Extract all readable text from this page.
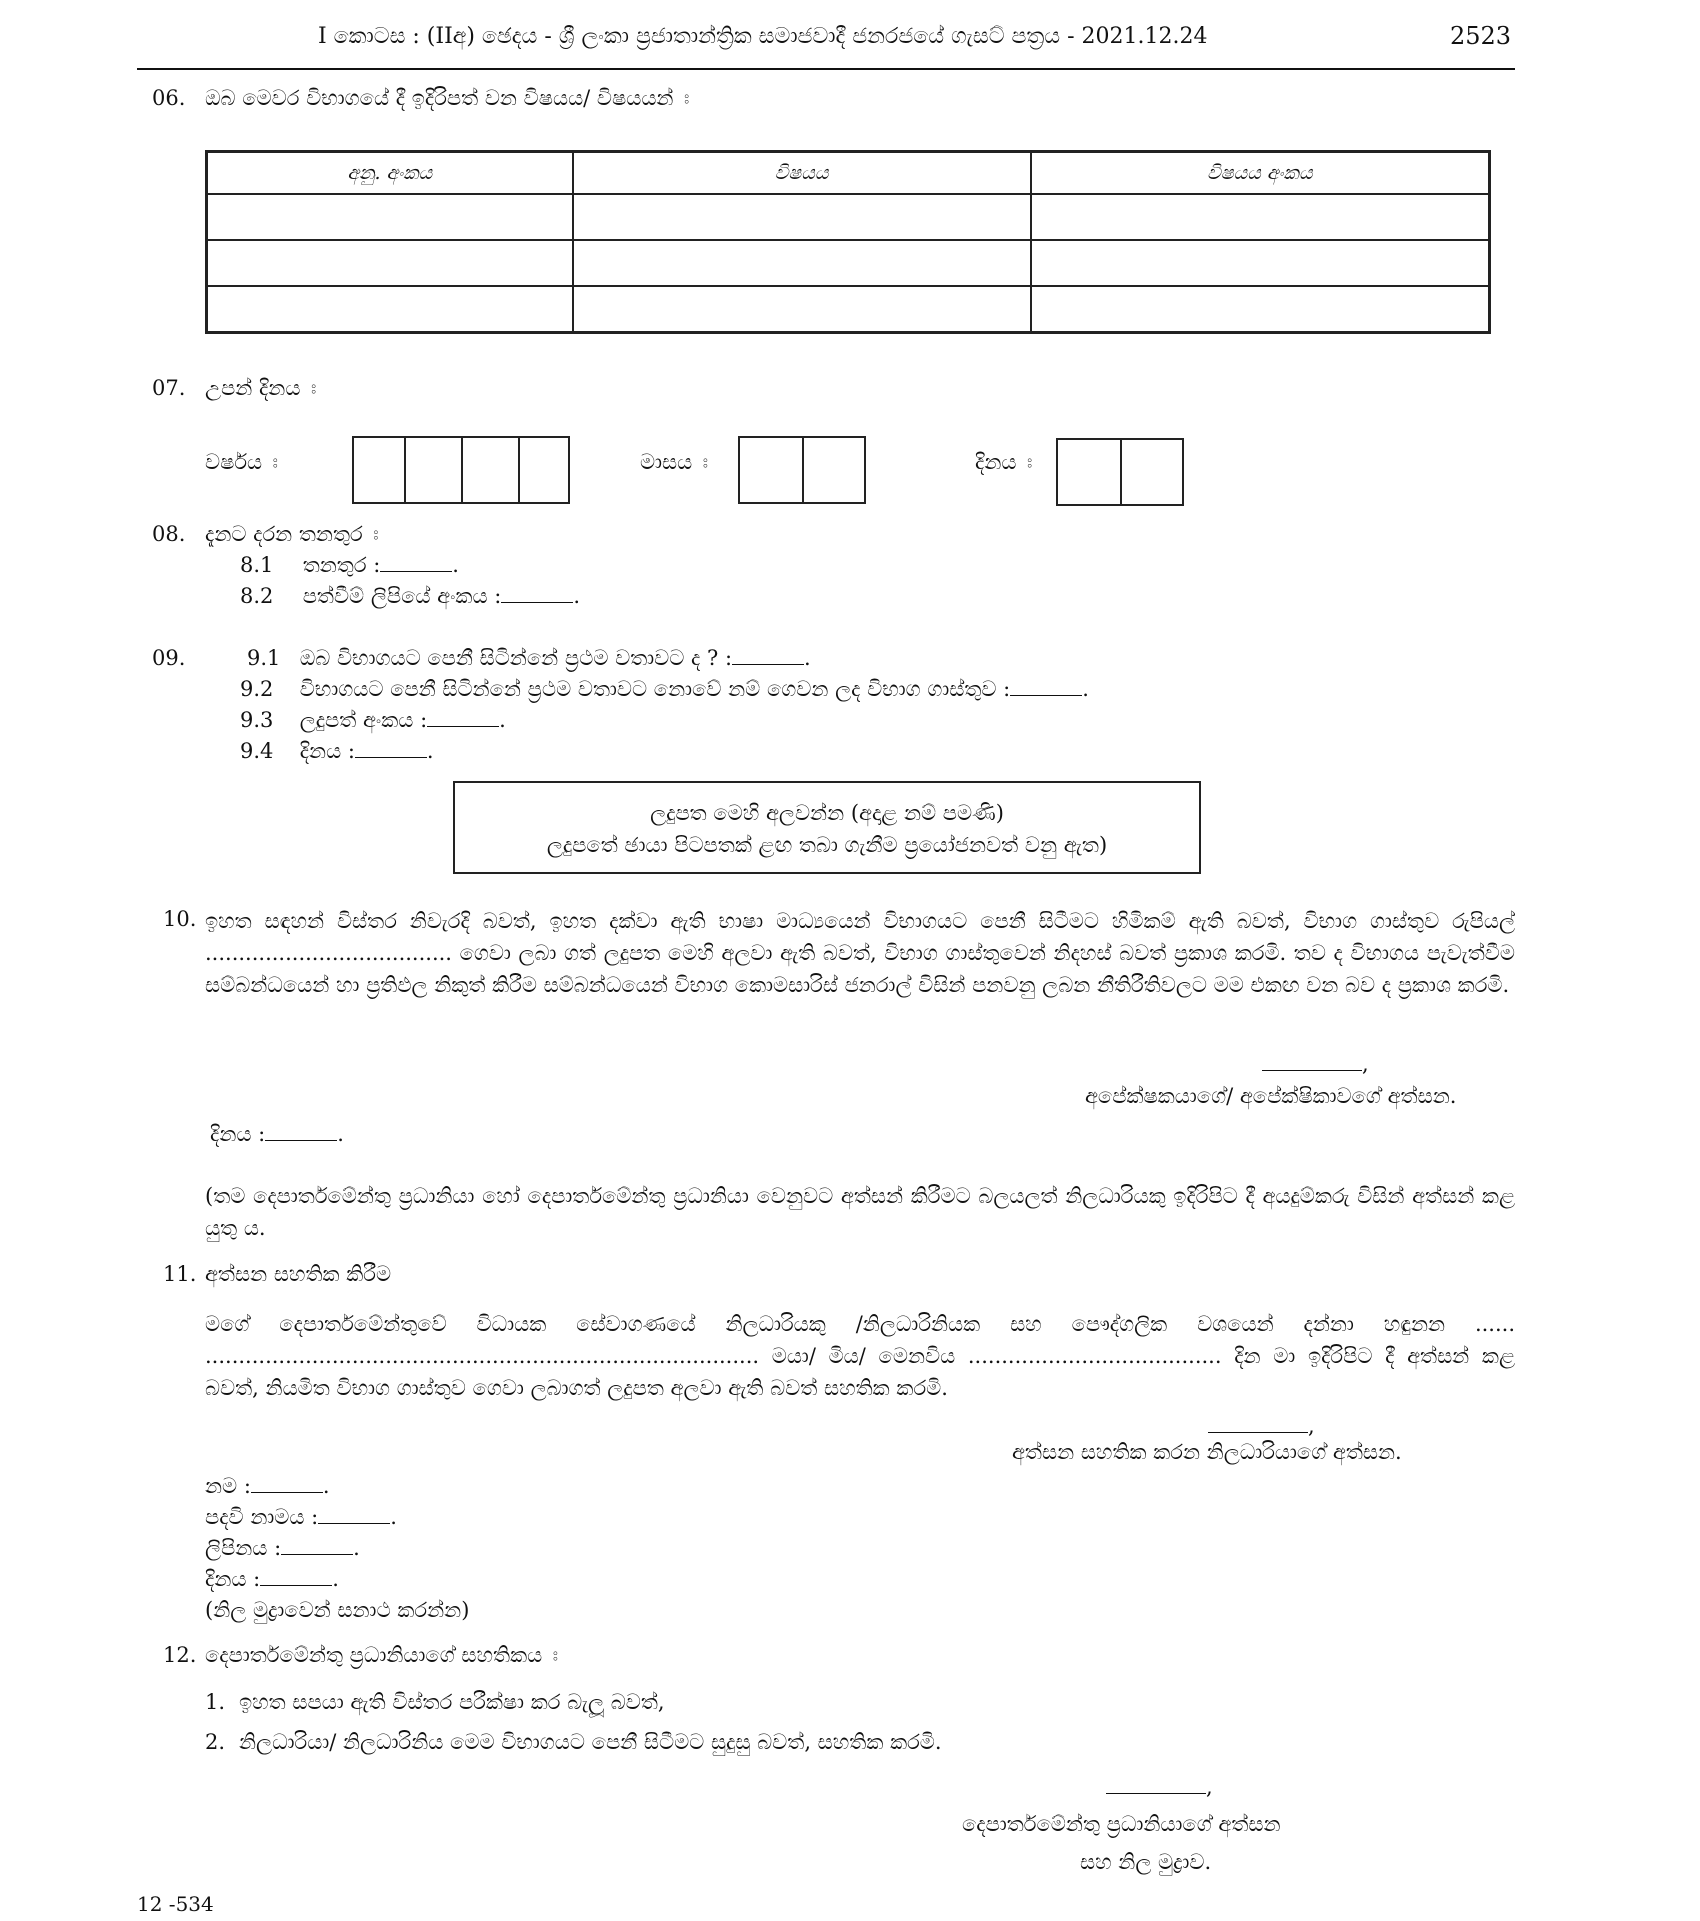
I කොටස : (IIඅ) ඡෙදය - ශ්‍රී ලංකා ප්‍රජාතාන්ත්‍රික සමාජවාදී ජනරජයේ ගැසට් පත්‍රය - 2021.12.24	2523
06. ඔබ මෙවර විභාගයේ දී ඉදිරිපත් වන විෂයය/ විෂයයන් ඃ
අනු. අංකය	විෂයය	විෂයය අංකය

07. උපන් දිනය ඃ
වර්ෂය ඃ	මාසය ඃ	දිනය ඃ
08. දැනට දරන තනතුර ඃ
8.1 තනතුර :	.
8.2 පත්වීම් ලිපියේ අංකය :	.
09.	9.1 ඔබ විභාගයට පෙනී සිටින්නේ ප්‍රථම වතාවට ද ? :	.
9.2 විභාගයට පෙනී සිටින්නේ ප්‍රථම වතාවට නොවේ නම් ගෙවන ලද විභාග ගාස්තුව :	.
9.3 ලදුපත් අංකය :	.
9.4 දිනය :	.
ලදුපත මෙහි අලවන්න (අදාළ නම් පමණි)
ලදුපතේ ඡායා පිටපතක් ළඟ තබා ගැනීම ප්‍රයෝජනවත් වනු ඇත)
10. ඉහත සඳහන් විස්තර නිවැරදි බවත්, ඉහත දක්වා ඇති භාෂා මාධ්‍යයෙන් විභාගයට පෙනී සිටීමට හිමිකම් ඇති බවත්, විභාග ගාස්තුව රුපියල් ..................................... ගෙවා ලබා ගත් ලදුපත මෙහි අලවා ඇති බවත්, විභාග ගාස්තුවෙන් නිදහස් බවත් ප්‍රකාශ කරමි. තව ද විභාගය පැවැත්වීම සම්බන්ධයෙන් හා ප්‍රතිඵල නිකුත් කිරීම සම්බන්ධයෙන් විභාග කොමසාරිස් ජනරාල් විසින් පනවනු ලබන නීතිරීතිවලට මම එකඟ වන බව ද ප්‍රකාශ කරමි.
,
අපේක්ෂකයාගේ/ අපේක්ෂිකාවගේ අත්සන.
දිනය :	.
(තම දෙපාර්තමේන්තු ප්‍රධානියා හෝ දෙපාර්තමේන්තු ප්‍රධානියා වෙනුවට අත්සන් කිරීමට බලයලත් නිලධාරියකු ඉදිරිපිට දී අයදුම්කරු විසින් අත්සන් කළ යුතු ය.
11. අත්සන සහතික කිරීම
මගේ දෙපාර්තමේන්තුවේ විධායක සේවාගණයේ නිලධාරියකු /නිලධාරිනියක සහ පෞද්ගලික වශයෙන් දන්නා හඳුනන ...... ................................................................................... මයා/ මිය/ මෙනවිය ...................................... දින මා ඉදිරිපිට දී අත්සන් කළ බවත්, නියමිත විභාග ගාස්තුව ගෙවා ලබාගත් ලදුපත අලවා ඇති බවත් සහතික කරමි.
,
අත්සන සහතික කරන නිලධාරියාගේ අත්සන.
නම :	.
පදවි නාමය :	.
ලිපිනය :	.
දිනය :	.
(නිල මුද්‍රාවෙන් සනාථ කරන්න)
12. දෙපාර්තමේන්තු ප්‍රධානියාගේ සහතිකය ඃ
1. ඉහත සපයා ඇති විස්තර පරීක්ෂා කර බැලූ බවත්,
2. නිලධාරියා/ නිලධාරිනිය මෙම විභාගයට පෙනී සිටීමට සුදුසු බවත්, සහතික කරමි.
,
දෙපාර්තමේන්තු ප්‍රධානියාගේ අත්සන
සහ නිල මුද්‍රාව.
12 -534
